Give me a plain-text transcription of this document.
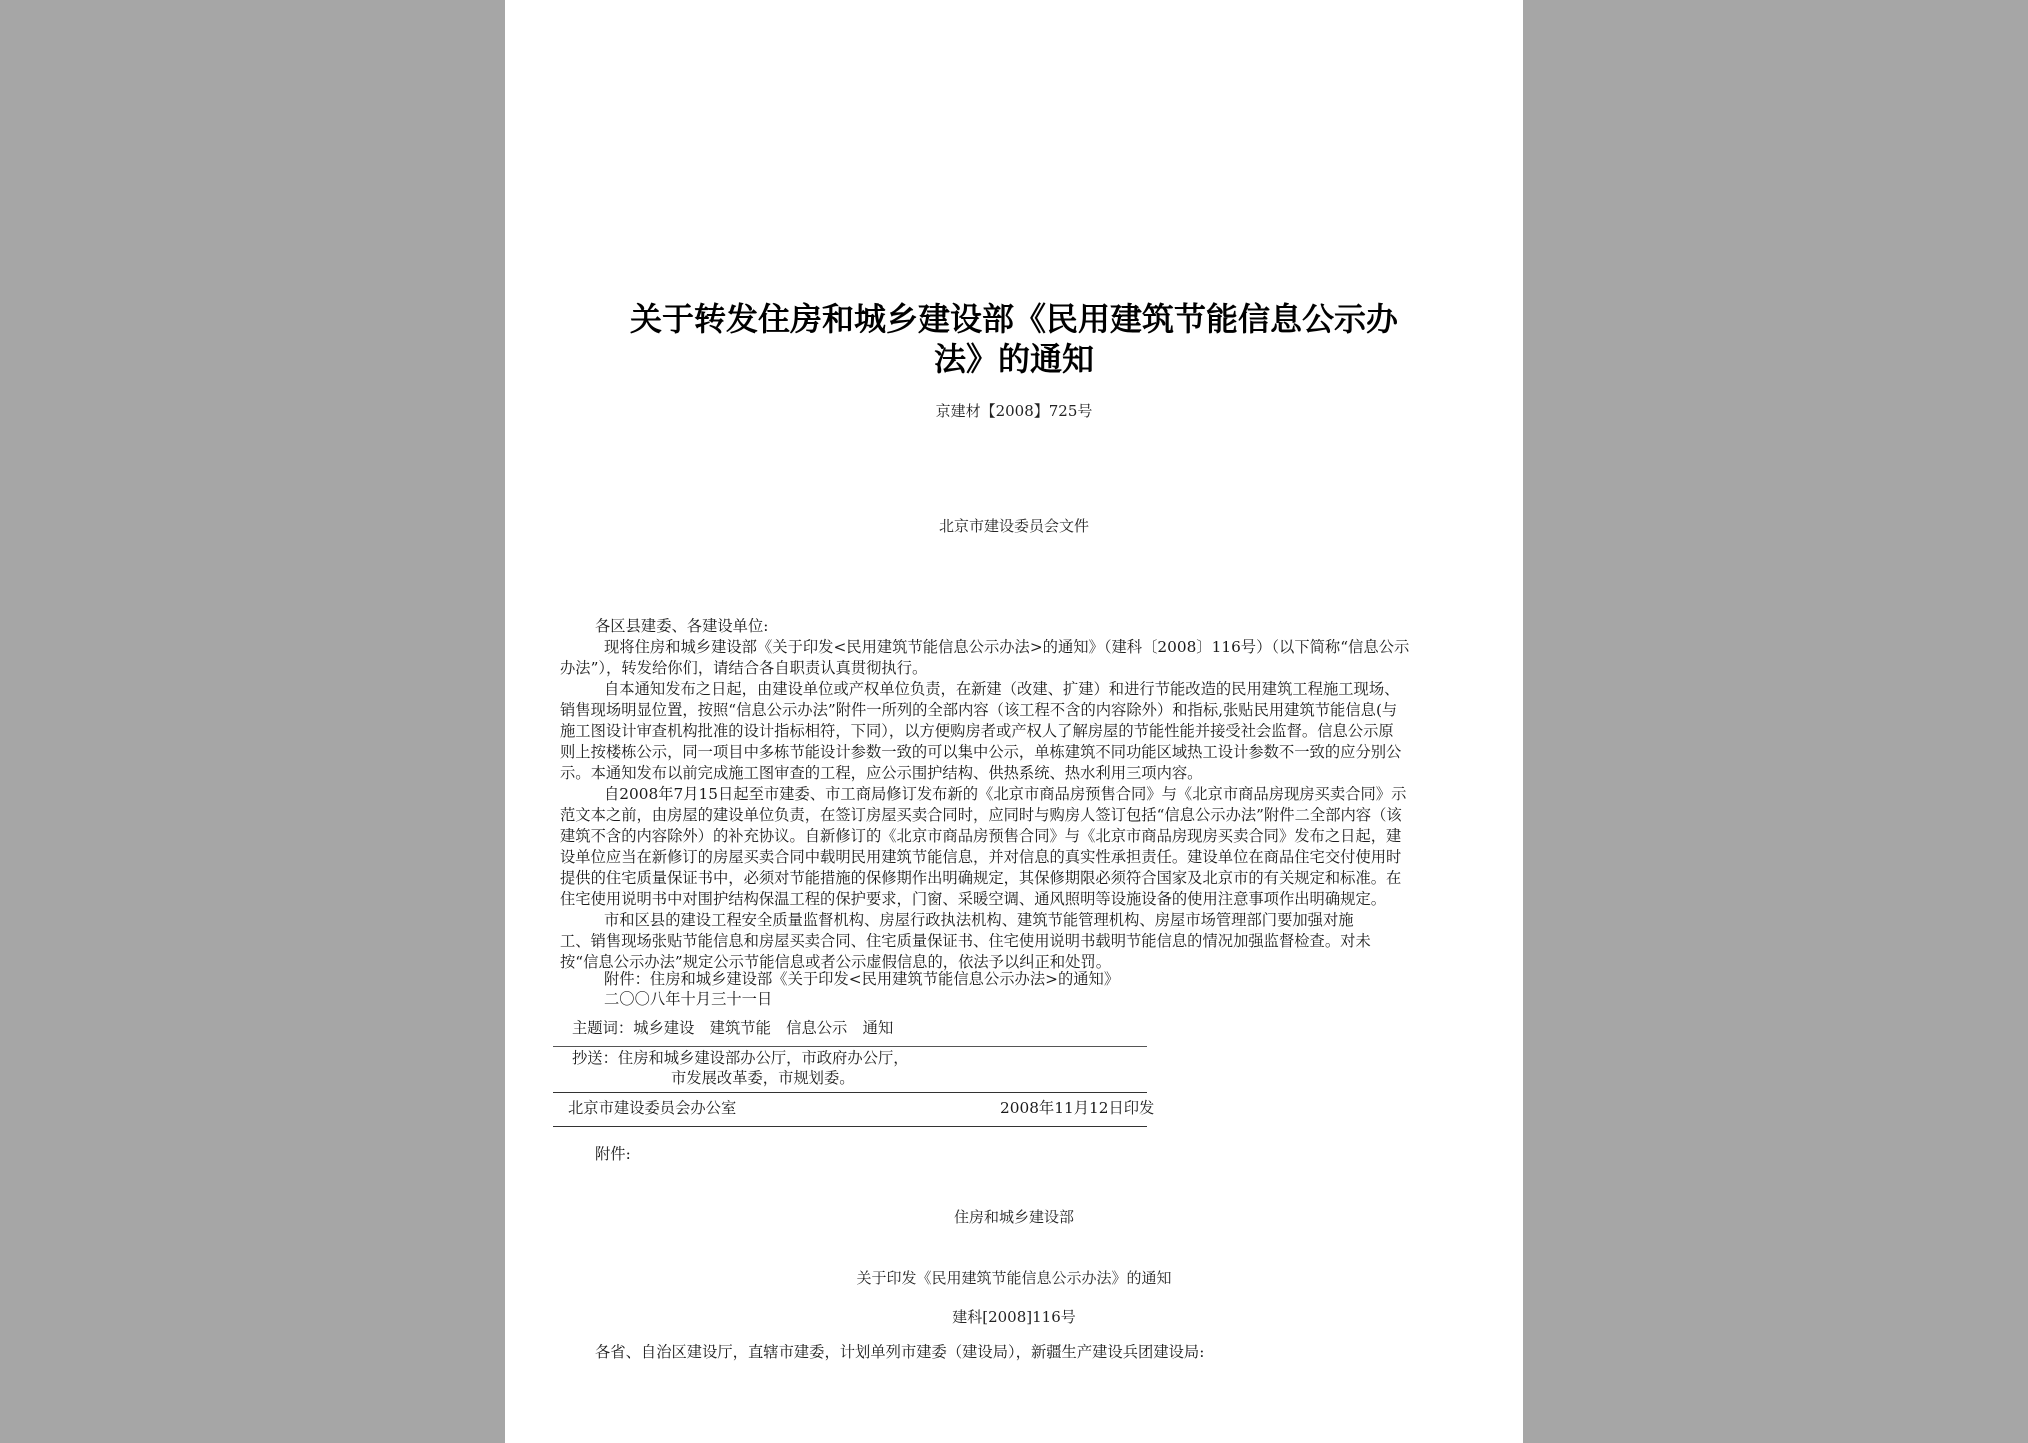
关于转发住房和城乡建设部《民用建筑节能信息公示办
法》的通知
京建材【2008】725号
北京市建设委员会文件
各区县建委、各建设单位:
现将住房和城乡建设部《关于印发<民用建筑节能信息公示办法>的通知》（建科〔2008〕116号）（以下简称“信息公示
办法”），转发给你们，请结合各自职责认真贯彻执行。
自本通知发布之日起，由建设单位或产权单位负责，在新建（改建、扩建）和进行节能改造的民用建筑工程施工现场、
销售现场明显位置，按照“信息公示办法”附件一所列的全部内容（该工程不含的内容除外）和指标,张贴民用建筑节能信息(与
施工图设计审查机构批准的设计指标相符，下同），以方便购房者或产权人了解房屋的节能性能并接受社会监督。信息公示原
则上按楼栋公示，同一项目中多栋节能设计参数一致的可以集中公示，单栋建筑不同功能区域热工设计参数不一致的应分别公
示。本通知发布以前完成施工图审查的工程，应公示围护结构、供热系统、热水利用三项内容。
自2008年7月15日起至市建委、市工商局修订发布新的《北京市商品房预售合同》与《北京市商品房现房买卖合同》示
范文本之前，由房屋的建设单位负责，在签订房屋买卖合同时，应同时与购房人签订包括“信息公示办法”附件二全部内容（该
建筑不含的内容除外）的补充协议。自新修订的《北京市商品房预售合同》与《北京市商品房现房买卖合同》发布之日起，建
设单位应当在新修订的房屋买卖合同中载明民用建筑节能信息，并对信息的真实性承担责任。建设单位在商品住宅交付使用时
提供的住宅质量保证书中，必须对节能措施的保修期作出明确规定，其保修期限必须符合国家及北京市的有关规定和标准。在
住宅使用说明书中对围护结构保温工程的保护要求，门窗、采暖空调、通风照明等设施设备的使用注意事项作出明确规定。
市和区县的建设工程安全质量监督机构、房屋行政执法机构、建筑节能管理机构、房屋市场管理部门要加强对施
工、销售现场张贴节能信息和房屋买卖合同、住宅质量保证书、住宅使用说明书载明节能信息的情况加强监督检查。对未
按“信息公示办法”规定公示节能信息或者公示虚假信息的，依法予以纠正和处罚。
附件：住房和城乡建设部《关于印发<民用建筑节能信息公示办法>的通知》
二〇〇八年十月三十一日
主题词：城乡建设　建筑节能　信息公示　通知
抄送：住房和城乡建设部办公厅，市政府办公厅，
市发展改革委，市规划委。
北京市建设委员会办公室	2008年11月12日印发
附件:
住房和城乡建设部
关于印发《民用建筑节能信息公示办法》的通知
建科[2008]116号
各省、自治区建设厅，直辖市建委，计划单列市建委（建设局），新疆生产建设兵团建设局:
